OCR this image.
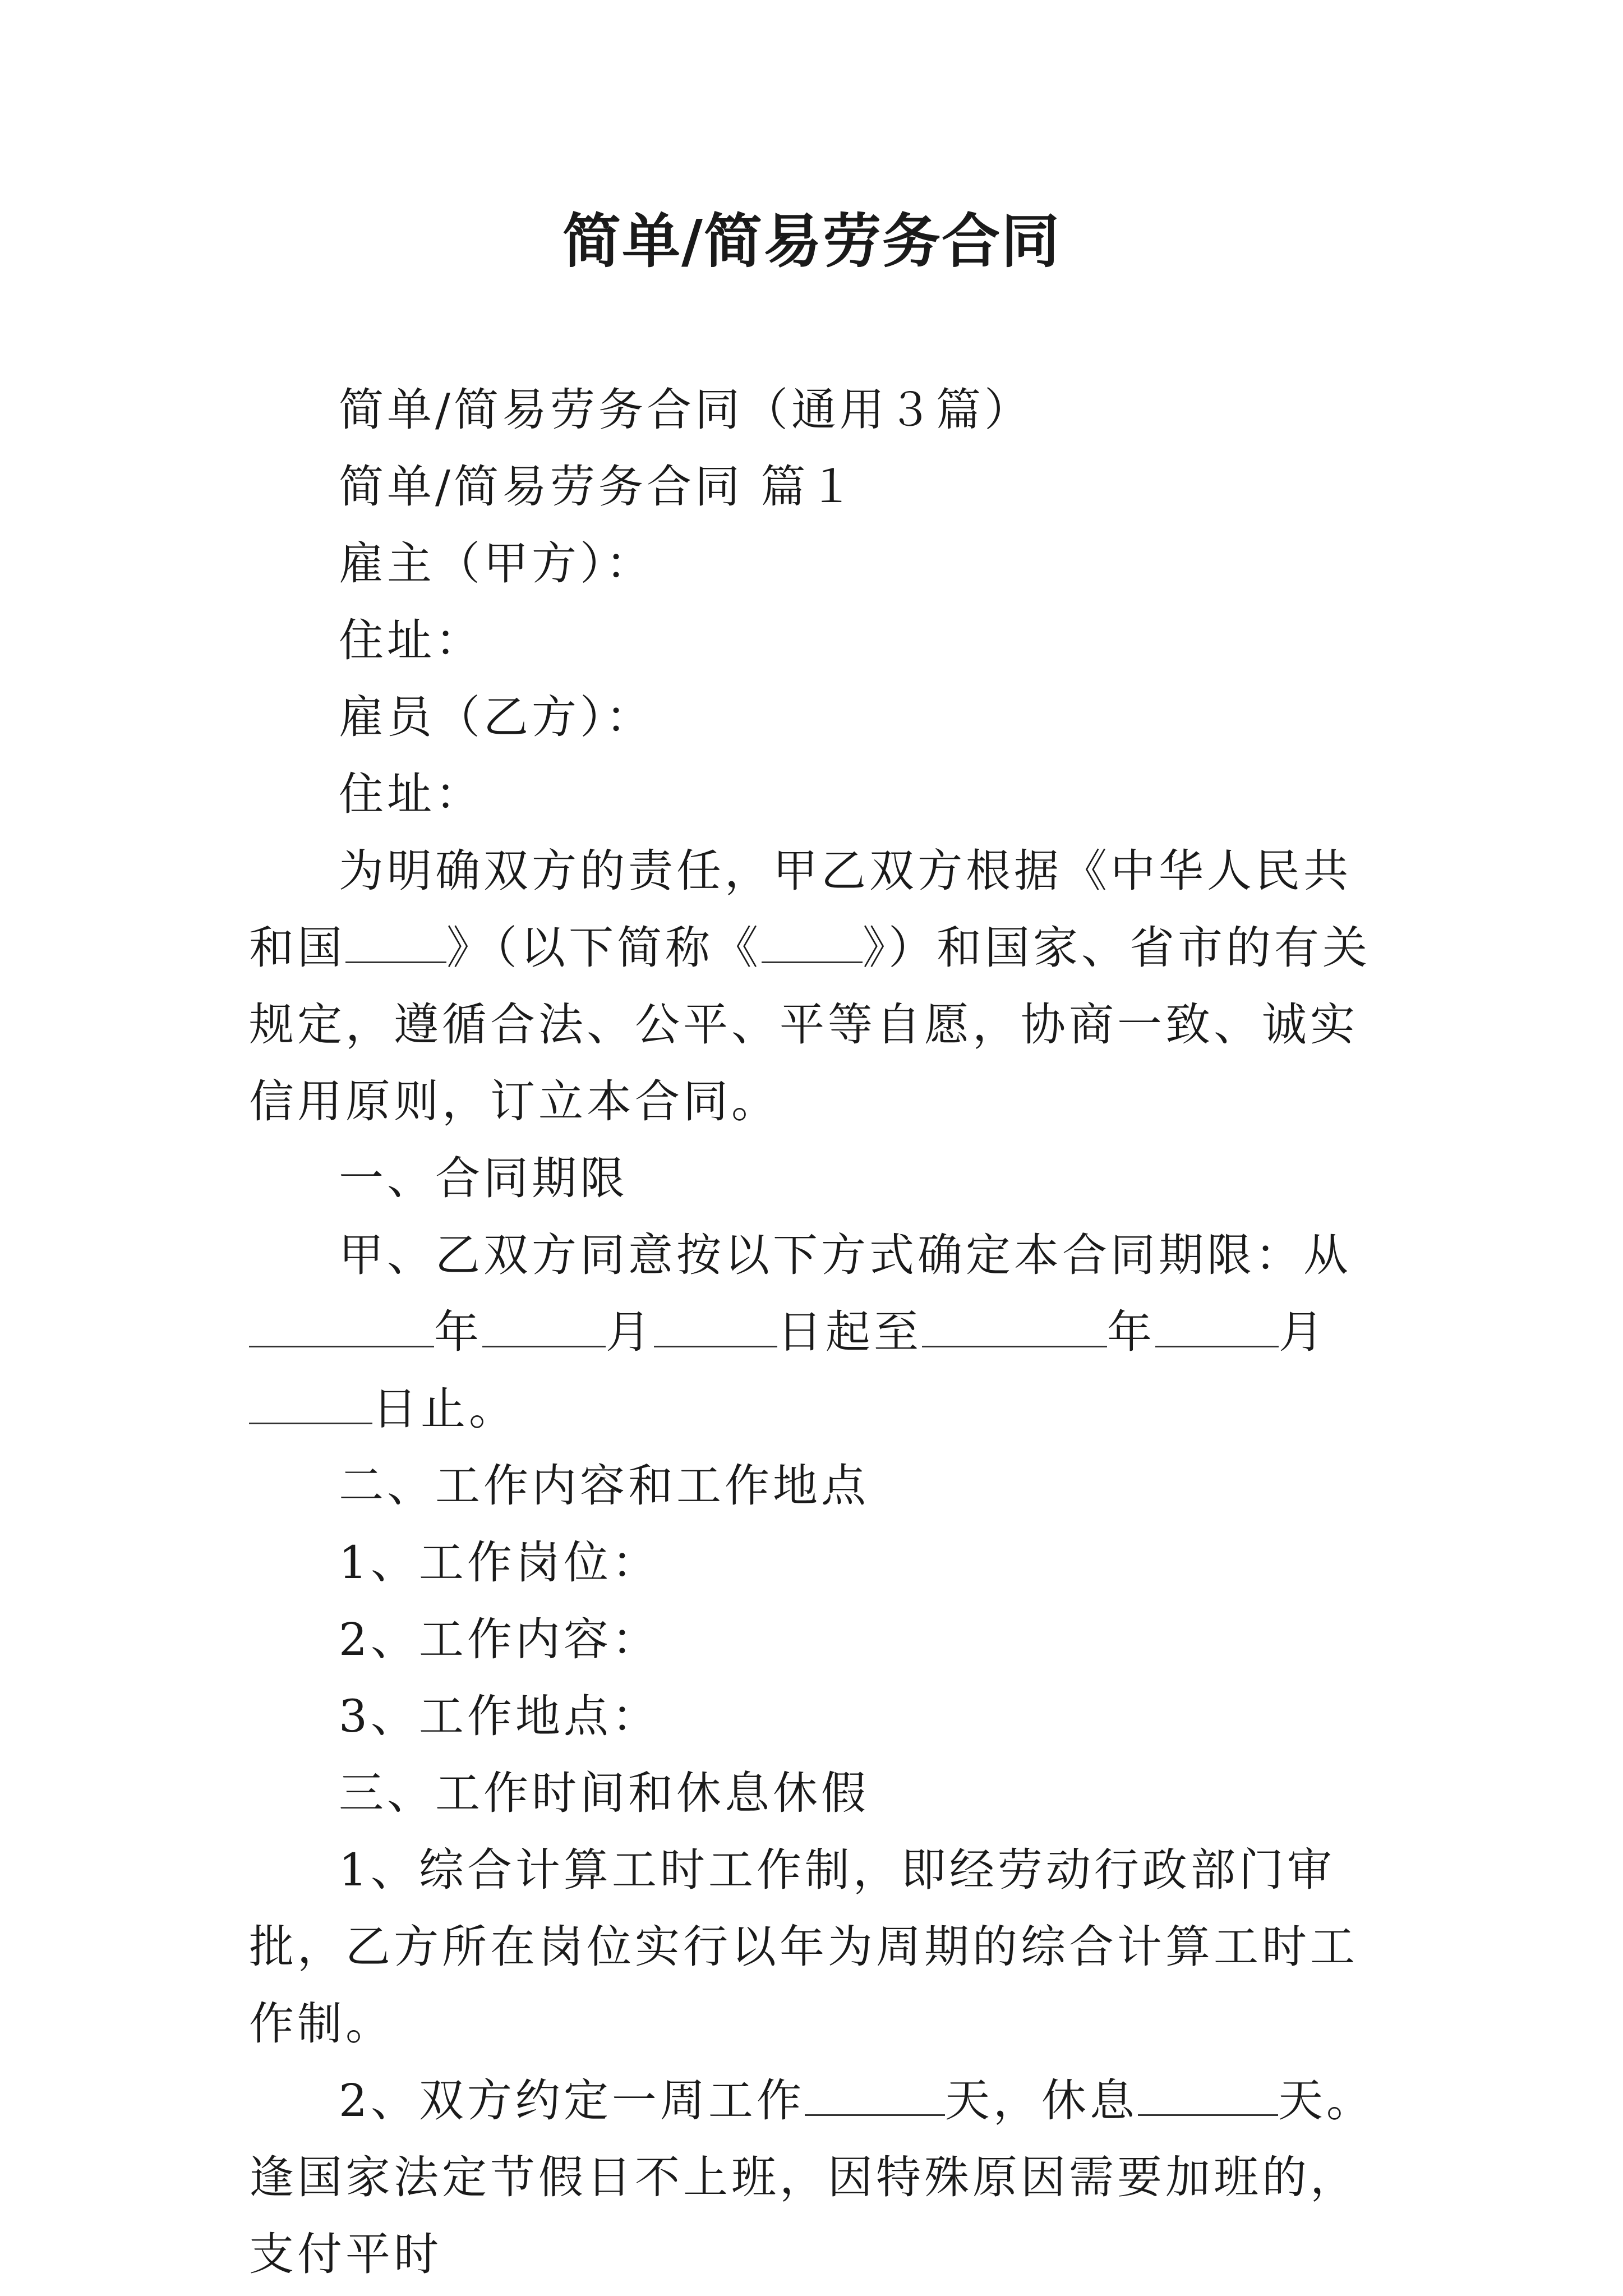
简单/简易劳务合同

简单/简易劳务合同（通用３篇）

简单/简易劳务合同 篇１

雇主（甲方）：

住址：

雇员（乙方）：

住址：

为明确双方的责任，甲乙双方根据《中华人民共和国 》（以下简称《 》）和国家、省市的有关规定，遵循合法、公平、平等自愿，协商一致、诚实信用原则，订立本合同。

一、合同期限

甲、乙双方同意按以下方式确定本合同期限：从年	月	日起至	年	月日止。

二、工作内容和工作地点

1、工作岗位：

2、工作内容：

3、工作地点：

三、工作时间和休息休假

1、综合计算工时工作制，即经劳动行政部门审批，乙方所在岗位实行以年为周期的综合计算工时工作制。

2、双方约定一周工作	天，休息	天。逢国家法定节假日不上班，因特殊原因需要加班的，支付平时
